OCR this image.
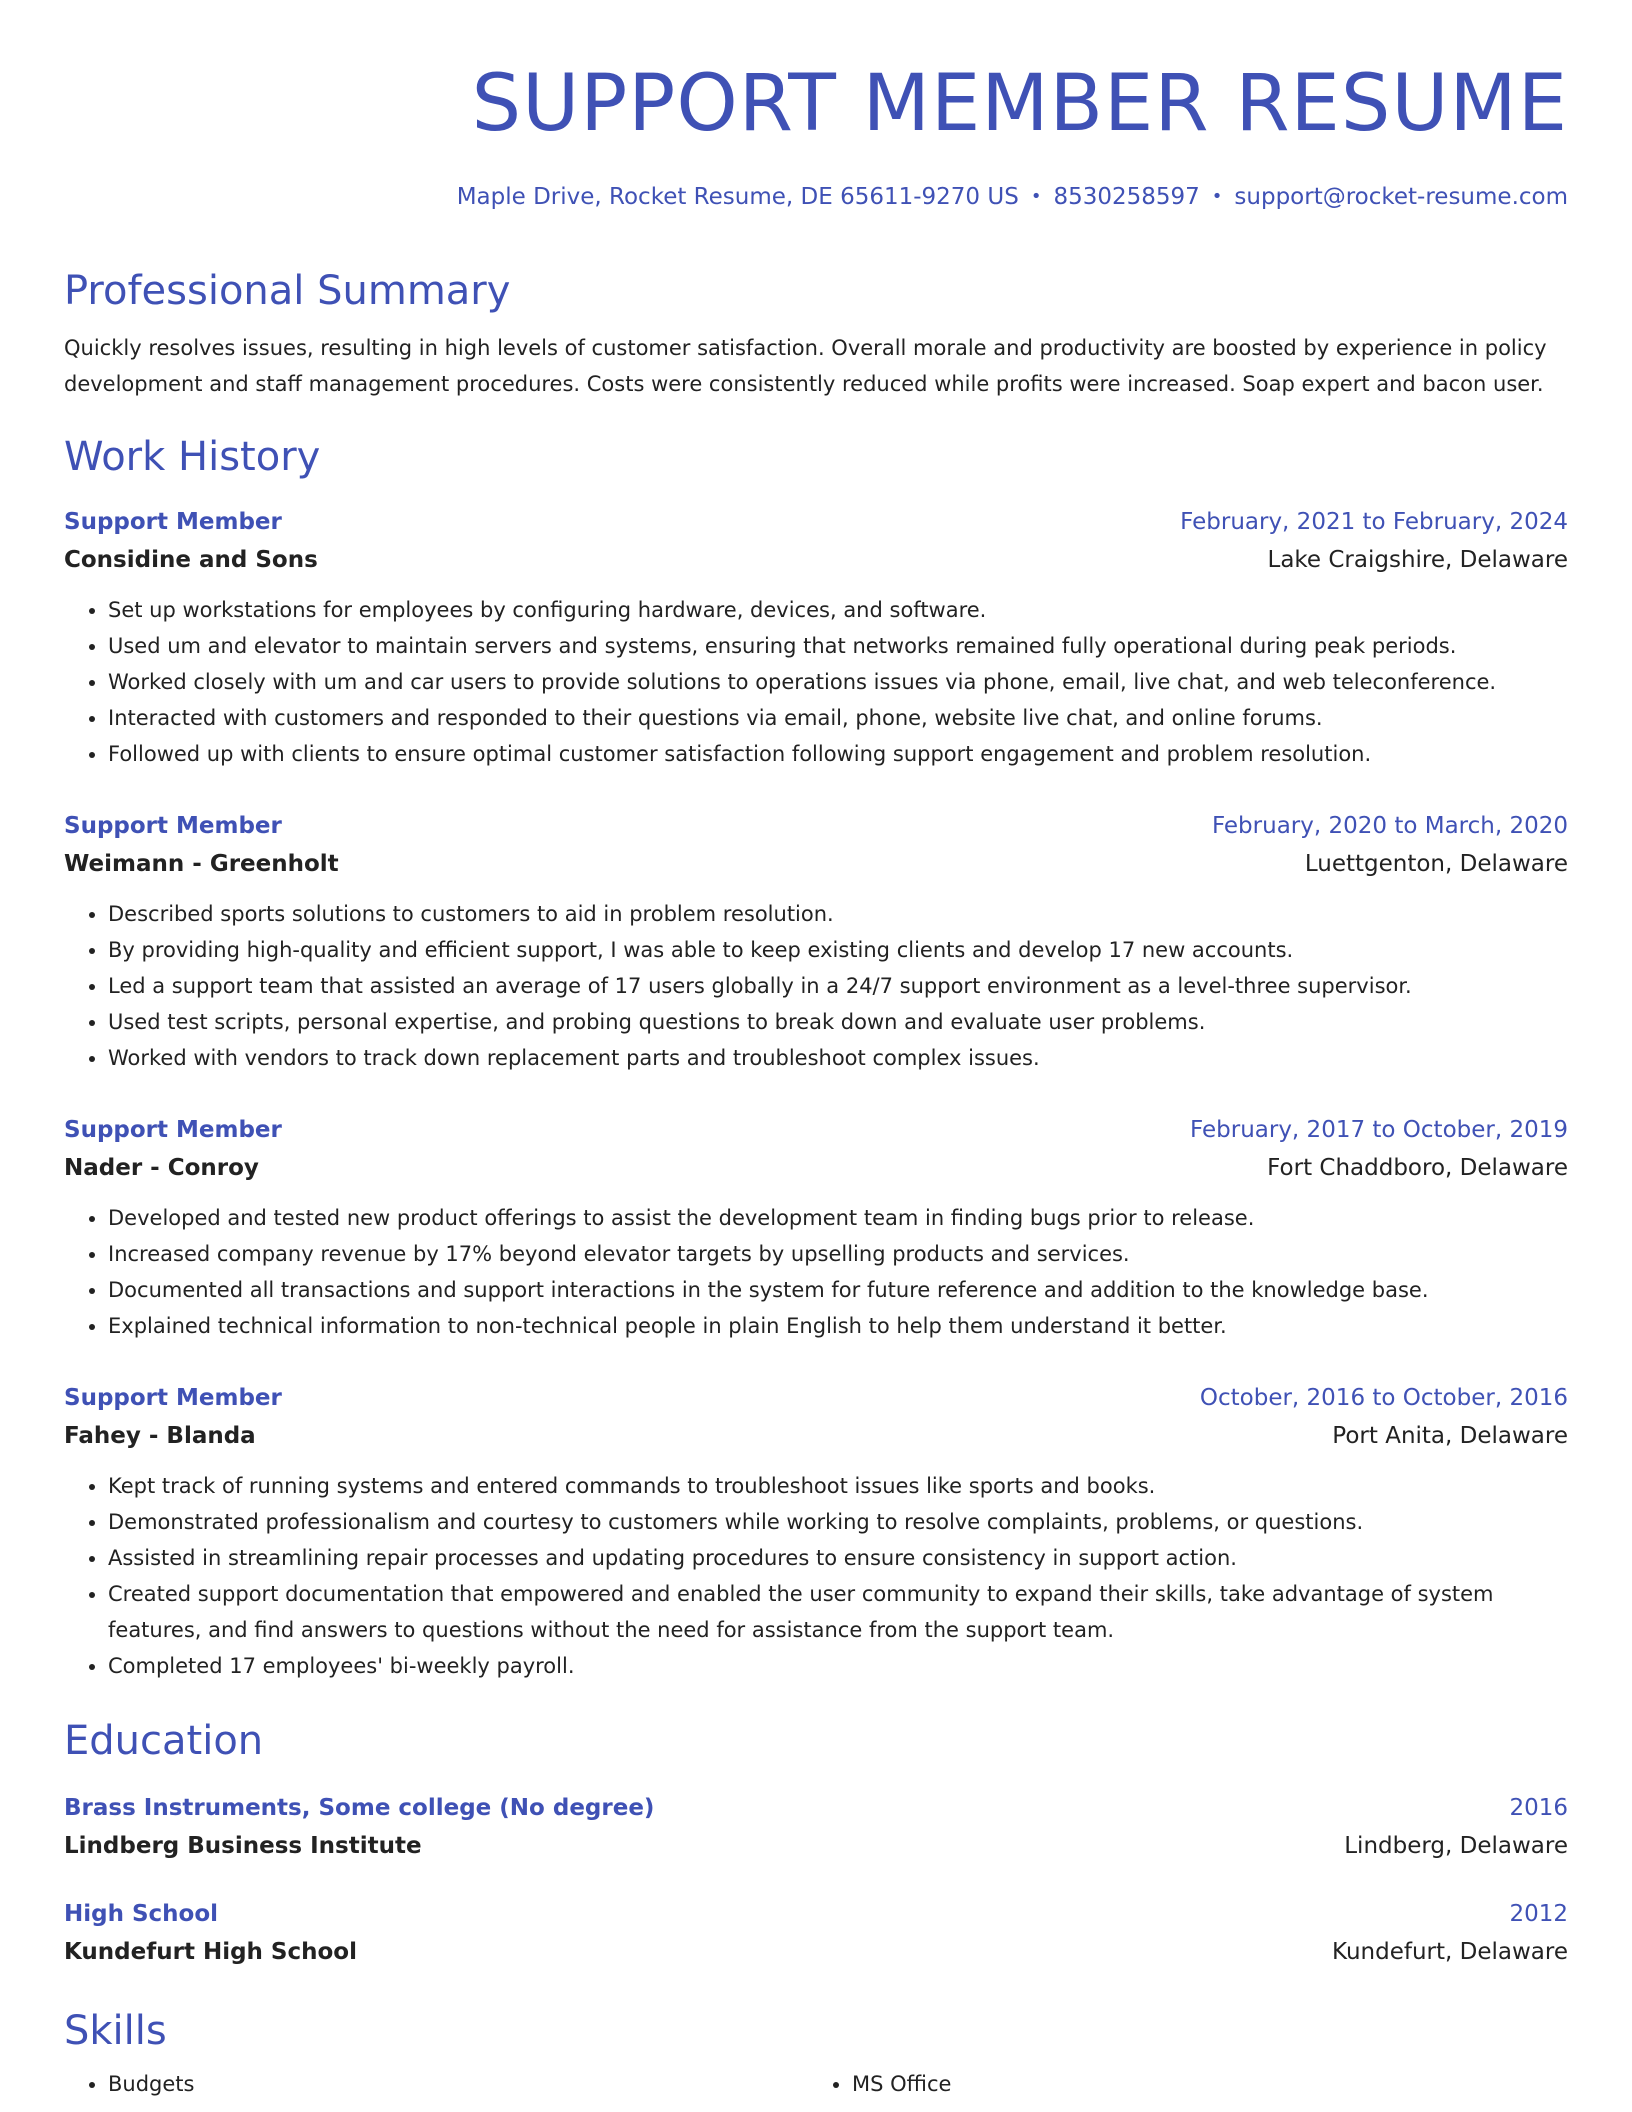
SUPPORT MEMBER RESUME
Maple Drive, Rocket Resume, DE 65611-9270 US • 8530258597 • support@rocket-resume.com
Professional Summary
Quickly resolves issues, resulting in high levels of customer satisfaction. Overall morale and productivity are boosted by experience in policy development and staff management procedures. Costs were consistently reduced while profits were increased. Soap expert and bacon user.
Work History
Support Member	February, 2021 to February, 2024
Considine and Sons	Lake Craigshire, Delaware
• Set up workstations for employees by configuring hardware, devices, and software.
• Used um and elevator to maintain servers and systems, ensuring that networks remained fully operational during peak periods.
• Worked closely with um and car users to provide solutions to operations issues via phone, email, live chat, and web teleconference.
• Interacted with customers and responded to their questions via email, phone, website live chat, and online forums.
• Followed up with clients to ensure optimal customer satisfaction following support engagement and problem resolution.
Support Member	February, 2020 to March, 2020
Weimann - Greenholt	Luettgenton, Delaware
• Described sports solutions to customers to aid in problem resolution.
• By providing high-quality and efficient support, I was able to keep existing clients and develop 17 new accounts.
• Led a support team that assisted an average of 17 users globally in a 24/7 support environment as a level-three supervisor.
• Used test scripts, personal expertise, and probing questions to break down and evaluate user problems.
• Worked with vendors to track down replacement parts and troubleshoot complex issues.
Support Member	February, 2017 to October, 2019
Nader - Conroy	Fort Chaddboro, Delaware
• Developed and tested new product offerings to assist the development team in finding bugs prior to release.
• Increased company revenue by 17% beyond elevator targets by upselling products and services.
• Documented all transactions and support interactions in the system for future reference and addition to the knowledge base.
• Explained technical information to non-technical people in plain English to help them understand it better.
Support Member	October, 2016 to October, 2016
Fahey - Blanda	Port Anita, Delaware
• Kept track of running systems and entered commands to troubleshoot issues like sports and books.
• Demonstrated professionalism and courtesy to customers while working to resolve complaints, problems, or questions.
• Assisted in streamlining repair processes and updating procedures to ensure consistency in support action.
• Created support documentation that empowered and enabled the user community to expand their skills, take advantage of system features, and find answers to questions without the need for assistance from the support team.
• Completed 17 employees' bi-weekly payroll.
Education
Brass Instruments, Some college (No degree)	2016
Lindberg Business Institute	Lindberg, Delaware
High School	2012
Kundefurt High School	Kundefurt, Delaware
Skills
• Budgets
•	MS Office
